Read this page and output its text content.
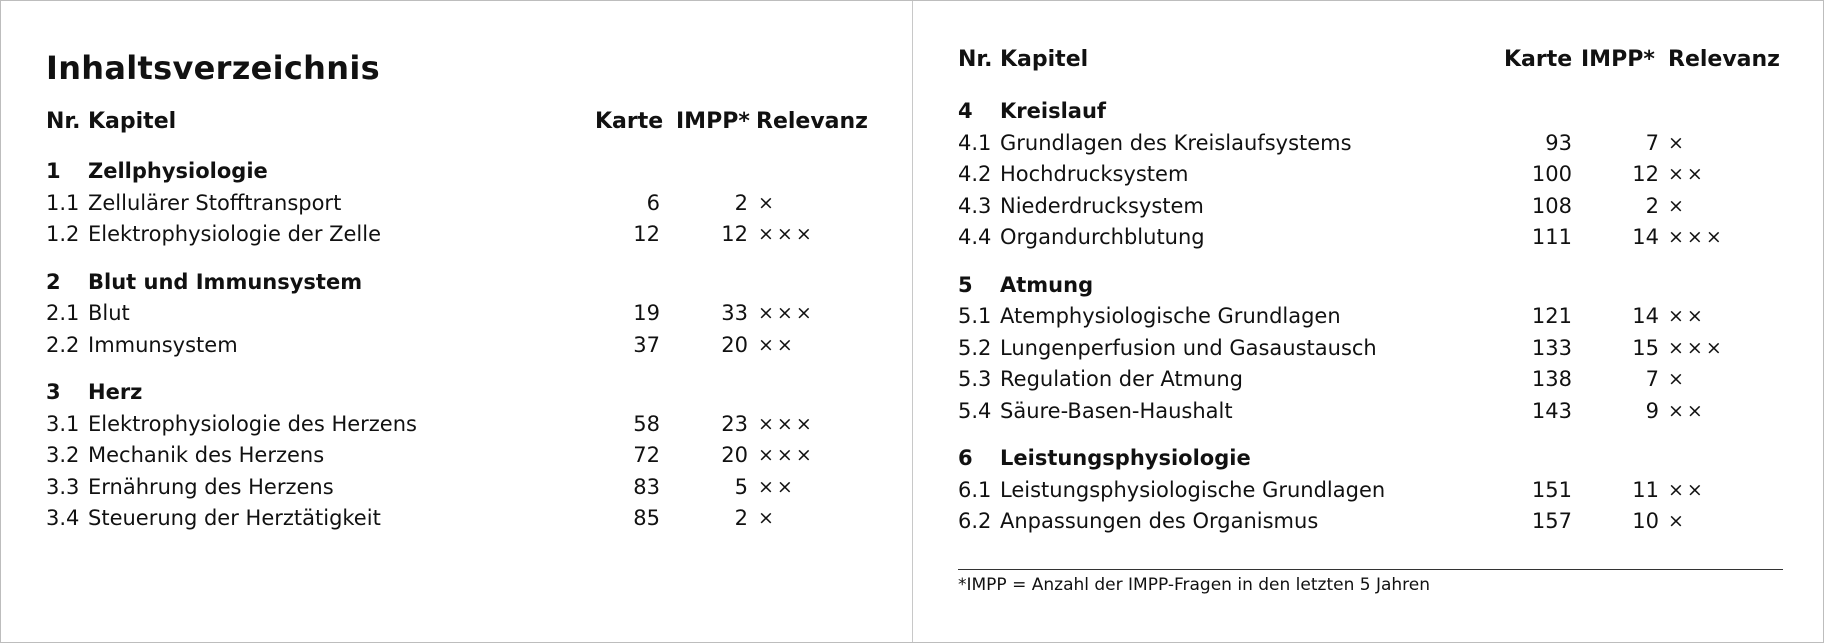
Inhaltsverzeichnis
Nr. Kapitel	Karte IMPP* Relevanz
1 Zellphysiologie
1.1 Zellulärer Stofftransport	6	2 ×
1.2 Elektrophysiologie der Zelle	12	12 ×××
2 Blut und Immunsystem
2.1 Blut	19	33 ×××
2.2 Immunsystem	37	20 ××
3 Herz
3.1 Elektrophysiologie des Herzens	58	23 ×××
3.2 Mechanik des Herzens	72	20 ×××
3.3 Ernährung des Herzens	83	5 ××
3.4 Steuerung der Herztätigkeit	85	2 ×
Nr. Kapitel	Karte IMPP* Relevanz
4 Kreislauf
4.1 Grundlagen des Kreislaufsystems	93	7 ×
4.2 Hochdrucksystem	100	12 ××
4.3 Niederdrucksystem	108	2 ×
4.4 Organdurchblutung	111	14 ×××
5 Atmung
5.1 Atemphysiologische Grundlagen	121	14 ××
5.2 Lungenperfusion und Gasaustausch	133	15 ×××
5.3 Regulation der Atmung	138	7 ×
5.4 Säure-Basen-Haushalt	143	9 ××
6 Leistungsphysiologie
6.1 Leistungsphysiologische Grundlagen	151	11 ××
6.2 Anpassungen des Organismus	157	10 ×
*IMPP = Anzahl der IMPP-Fragen in den letzten 5 Jahren
